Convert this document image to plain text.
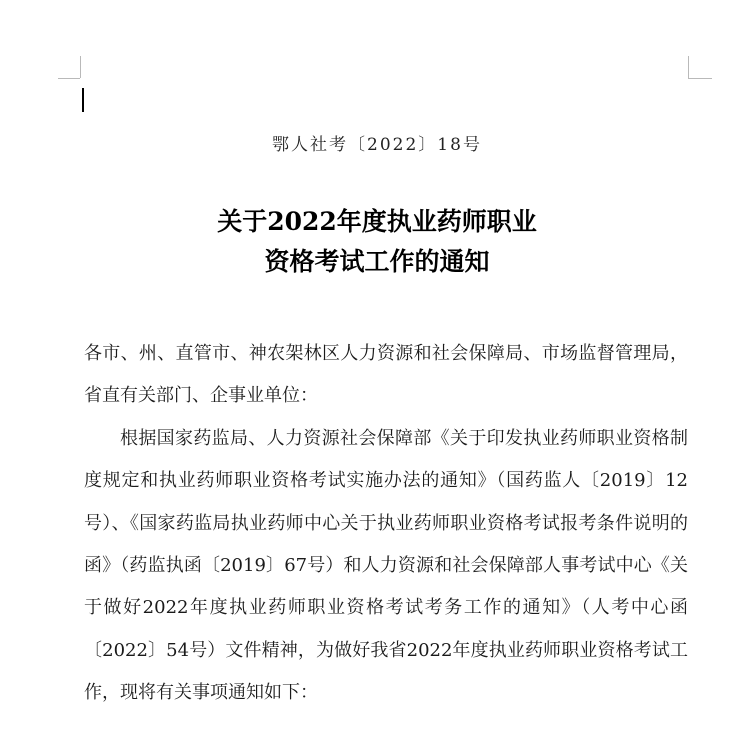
鄂人社考〔2022〕18号
关于2022年度执业药师职业
资格考试工作的通知

各市、州、直管市、神农架林区人力资源和社会保障局、市场监督管理局，省直有关部门、企事业单位：

根据国家药监局、人力资源社会保障部《关于印发执业药师职业资格制度规定和执业药师职业资格考试实施办法的通知》（国药监人〔2019〕12号）、《国家药监局执业药师中心关于执业药师职业资格考试报考条件说明的函》（药监执函〔2019〕67号）和人力资源和社会保障部人事考试中心《关于做好2022年度执业药师职业资格考试考务工作的通知》（人考中心函〔2022〕54号）文件精神，为做好我省2022年度执业药师职业资格考试工作，现将有关事项通知如下：
